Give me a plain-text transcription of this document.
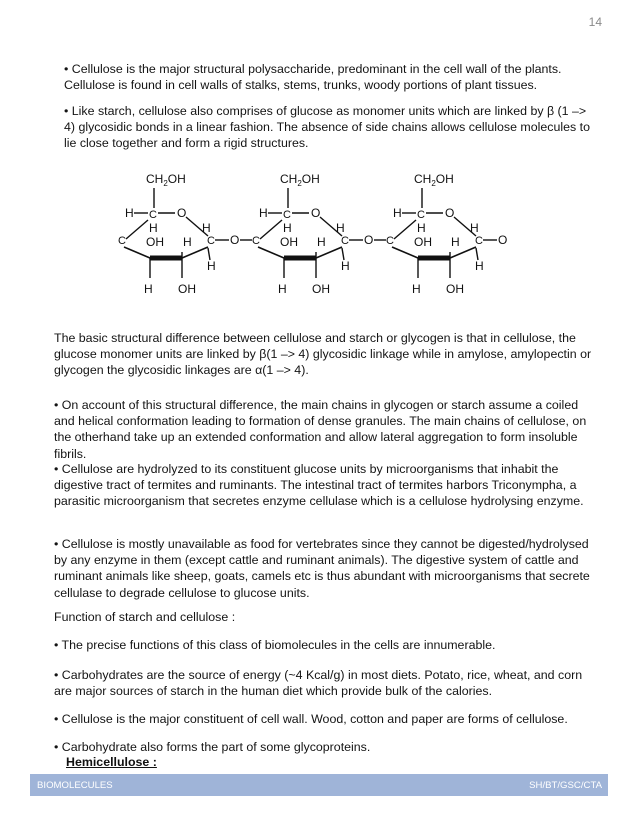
14

• Cellulose is the major structural polysaccharide, predominant in the cell wall of the plants. Cellulose is found in cell walls of stalks, stems, trunks, woody portions of plant tissues.

• Like starch, cellulose also comprises of glucose as monomer units which are linked by β (1 –> 4) glycosidic bonds in a linear fashion. The absence of side chains allows cellulose molecules to lie close together and form a rigid structures.

$CH_2OH$
C
H	O
C
H
OH H C
H
H
H OH
O
$CH_2OH$
C
H	O
C
H
OH H C
H
H
H OH
O
$CH_2OH$
C
H	O
C
H
OH H C
H
H
H OH
O

The basic structural difference between cellulose and starch or glycogen is that in cellulose, the glucose monomer units are linked by β(1 –> 4) glycosidic linkage while in amylose, amylopectin or glycogen the glycosidic linkages are α(1 –> 4).

• On account of this structural difference, the main chains in glycogen or starch assume a coiled and helical conformation leading to formation of dense granules. The main chains of cellulose, on the otherhand take up an extended conformation and allow lateral aggregation to form insoluble fibrils.

• Cellulose are hydrolyzed to its constituent glucose units by microorganisms that inhabit the digestive tract of termites and ruminants. The intestinal tract of termites harbors Triconympha, a parasitic microorganism that secretes enzyme cellulase which is a cellulose hydrolysing enzyme.

• Cellulose is mostly unavailable as food for vertebrates since they cannot be digested/hydrolysed by any enzyme in them (except cattle and ruminant animals). The digestive system of cattle and ruminant animals like sheep, goats, camels etc is thus abundant with microorganisms that secrete cellulase to degrade cellulose to glucose units.

Function of starch and cellulose :

• The precise functions of this class of biomolecules in the cells are innumerable.

• Carbohydrates are the source of energy (~4 Kcal/g) in most diets. Potato, rice, wheat, and corn are major sources of starch in the human diet which provide bulk of the calories.

• Cellulose is the major constituent of cell wall. Wood, cotton and paper are forms of cellulose.

• Carbohydrate also forms the part of some glycoproteins.

Hemicellulose :
BIOMOLECULES	SH/BT/GSC/CTA
